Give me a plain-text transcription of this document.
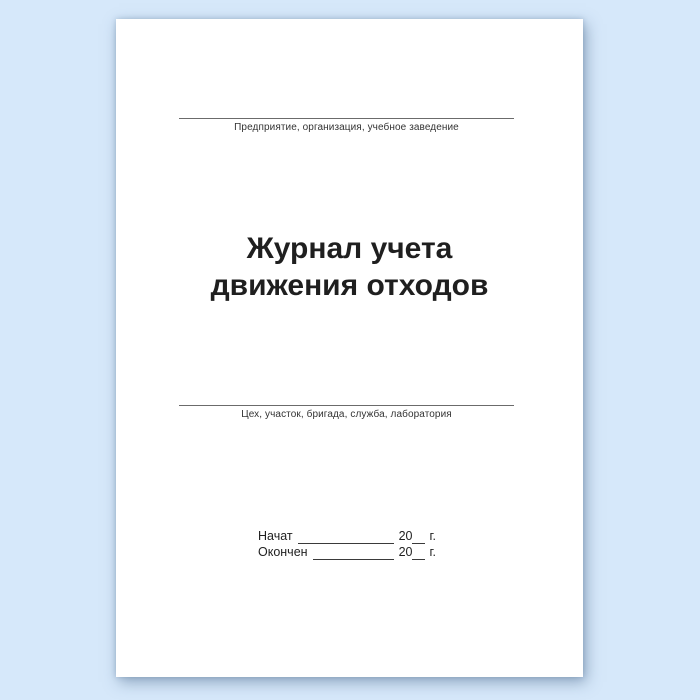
Предприятие, организация, учебное заведение
Журнал учета
движения отходов
Цех, участок, бригада, служба, лаборатория
Начат	20 г.
Окончен	20 г.
